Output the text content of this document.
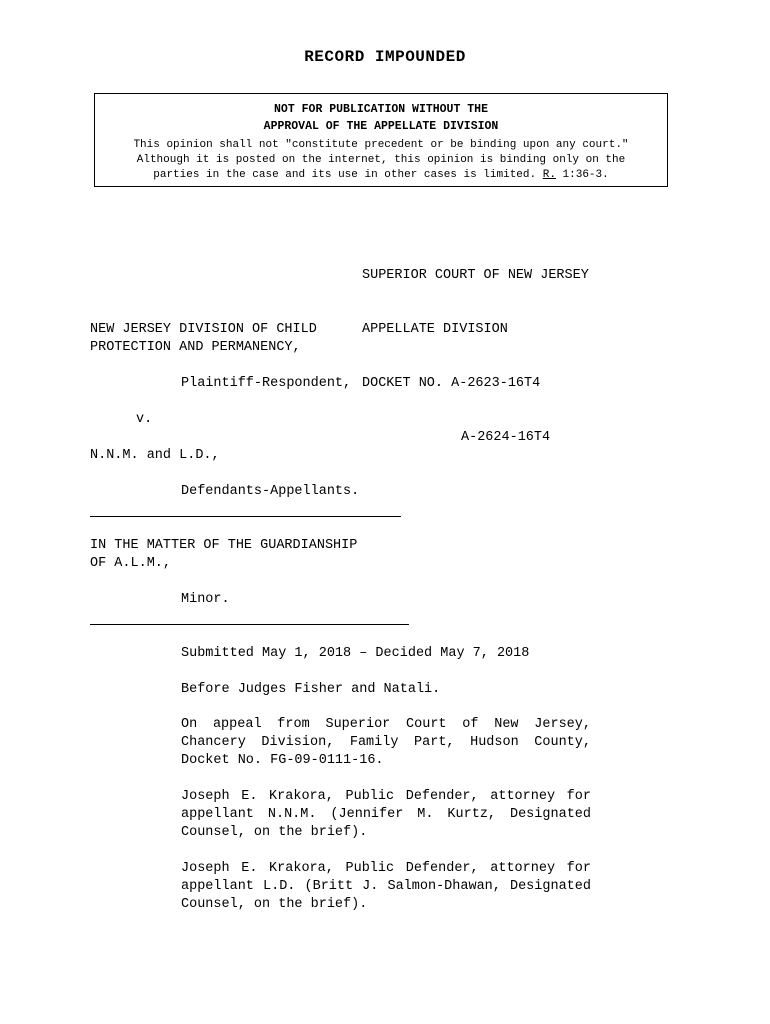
RECORD IMPOUNDED
NOT FOR PUBLICATION WITHOUT THE
APPROVAL OF THE APPELLATE DIVISION
This opinion shall not "constitute precedent or be binding upon any court."
Although it is posted on the internet, this opinion is binding only on the
parties in the case and its use in other cases is limited. R. 1:36-3.

SUPERIOR COURT OF NEW JERSEY

APPELLATE DIVISION

DOCKET NO. A-2623-16T4

A-2624-16T4

NEW JERSEY DIVISION OF CHILD
PROTECTION AND PERMANENCY,
Plaintiff-Respondent,
v.
N.N.M. and L.D.,
Defendants-Appellants.
IN THE MATTER OF THE GUARDIANSHIP
OF A.L.M.,
Minor.
Submitted May 1, 2018 – Decided May 7, 2018
Before Judges Fisher and Natali.
On appeal from Superior Court of New Jersey, Chancery Division, Family Part, Hudson County, Docket No. FG-09-0111-16.
Joseph E. Krakora, Public Defender, attorney for appellant N.N.M. (Jennifer M. Kurtz, Designated Counsel, on the brief).
Joseph E. Krakora, Public Defender, attorney for appellant L.D. (Britt J. Salmon-Dhawan, Designated Counsel, on the brief).
